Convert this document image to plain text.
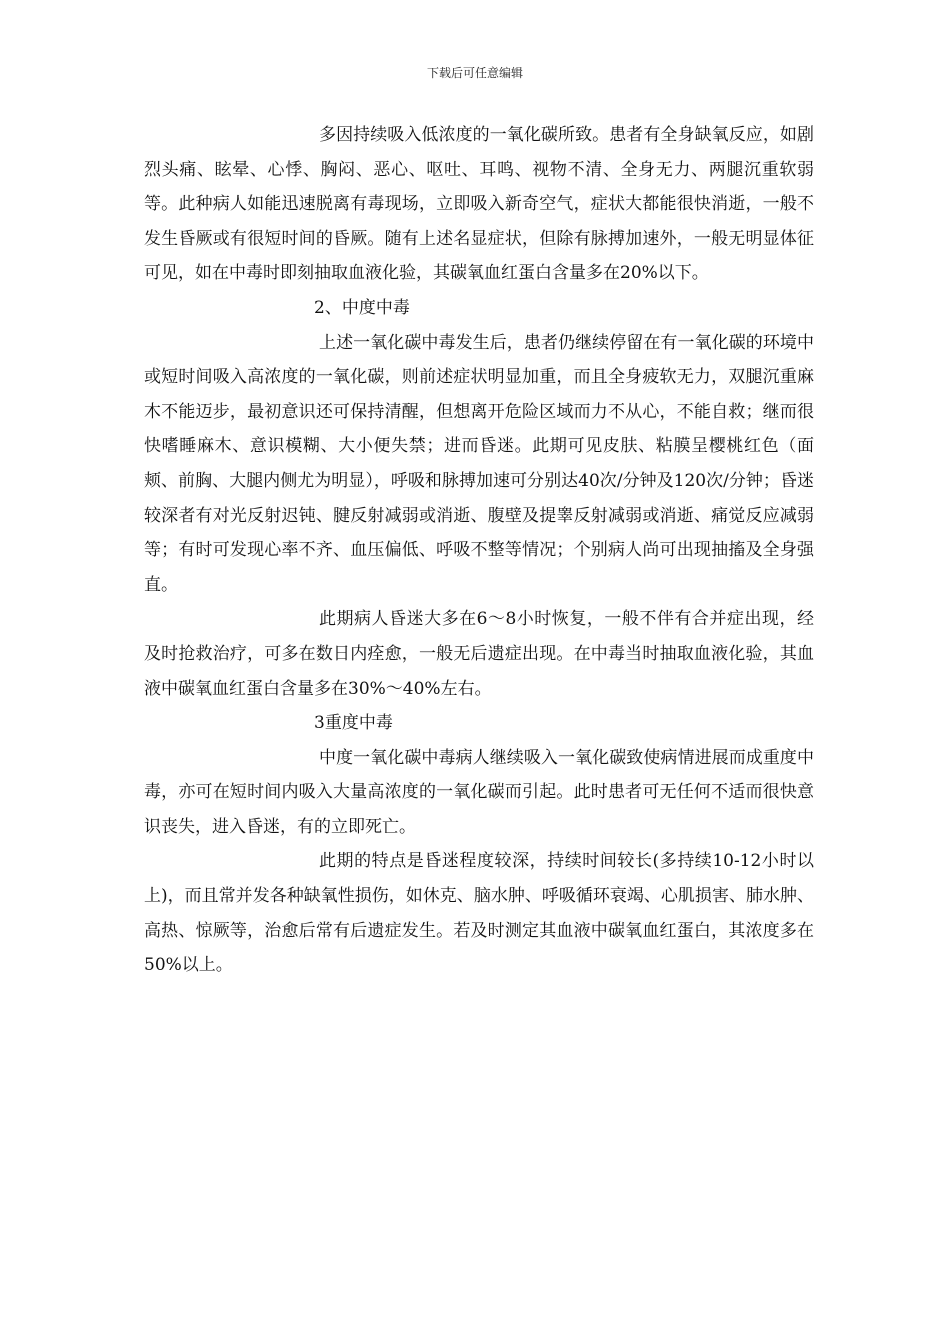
下载后可任意编辑

多因持续吸入低浓度的一氧化碳所致。患者有全身缺氧反应，如剧烈头痛、眩晕、心悸、胸闷、恶心、呕吐、耳鸣、视物不清、全身无力、两腿沉重软弱等。此种病人如能迅速脱离有毒现场，立即吸入新奇空气，症状大都能很快消逝，一般不发生昏厥或有很短时间的昏厥。随有上述名显症状，但除有脉搏加速外，一般无明显体征可见，如在中毒时即刻抽取血液化验，其碳氧血红蛋白含量多在20%以下。

2、中度中毒

上述一氧化碳中毒发生后，患者仍继续停留在有一氧化碳的环境中或短时间吸入高浓度的一氧化碳，则前述症状明显加重，而且全身疲软无力，双腿沉重麻木不能迈步，最初意识还可保持清醒，但想离开危险区域而力不从心，不能自救；继而很快嗜睡麻木、意识模糊、大小便失禁；进而昏迷。此期可见皮肤、粘膜呈樱桃红色（面颊、前胸、大腿内侧尤为明显），呼吸和脉搏加速可分别达40次/分钟及120次/分钟；昏迷较深者有对光反射迟钝、腱反射减弱或消逝、腹壁及提睾反射减弱或消逝、痛觉反应减弱等；有时可发现心率不齐、血压偏低、呼吸不整等情况；个别病人尚可出现抽搐及全身强直。

此期病人昏迷大多在6～8小时恢复，一般不伴有合并症出现，经及时抢救治疗，可多在数日内痊愈，一般无后遗症出现。在中毒当时抽取血液化验，其血液中碳氧血红蛋白含量多在30%～40%左右。

3重度中毒

中度一氧化碳中毒病人继续吸入一氧化碳致使病情进展而成重度中毒，亦可在短时间内吸入大量高浓度的一氧化碳而引起。此时患者可无任何不适而很快意识丧失，进入昏迷，有的立即死亡。

此期的特点是昏迷程度较深，持续时间较长(多持续10-12小时以上)，而且常并发各种缺氧性损伤，如休克、脑水肿、呼吸循环衰竭、心肌损害、肺水肿、高热、惊厥等，治愈后常有后遗症发生。若及时测定其血液中碳氧血红蛋白，其浓度多在50%以上。
